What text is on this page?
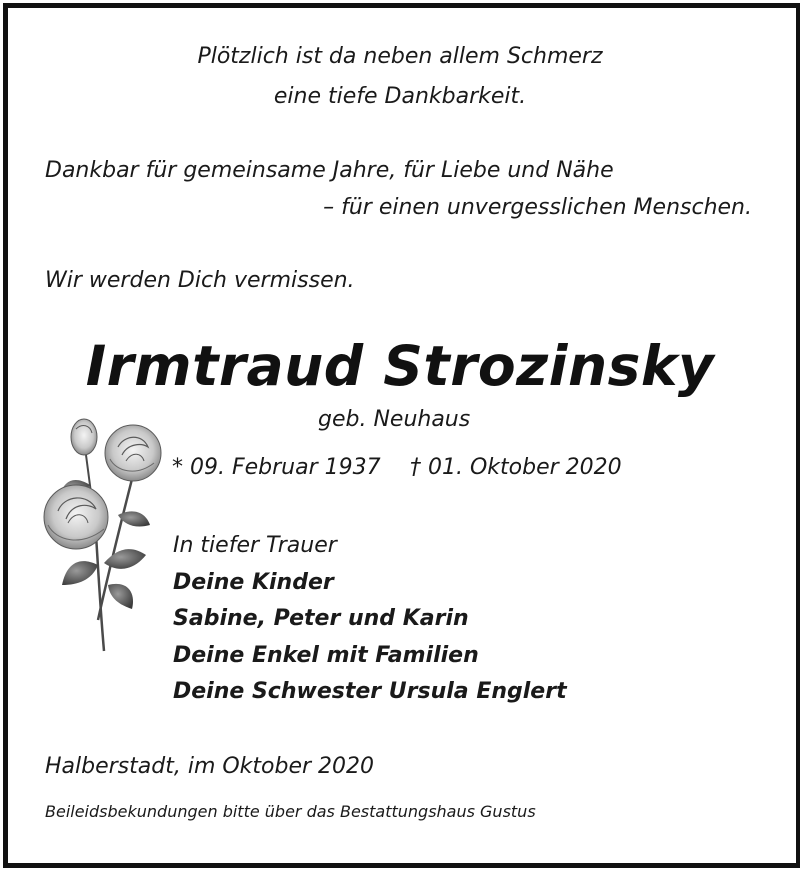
Plötzlich ist da neben allem Schmerz
eine tiefe Dankbarkeit.
Dankbar für gemeinsame Jahre, für Liebe und Nähe
– für einen unvergesslichen Menschen.
Wir werden Dich vermissen.
Irmtraud Strozinsky
geb. Neuhaus
* 09. Februar 1937 † 01. Oktober 2020
In tiefer Trauer
Deine Kinder
Sabine, Peter und Karin
Deine Enkel mit Familien
Deine Schwester Ursula Englert
Halberstadt, im Oktober 2020
Beileidsbekundungen bitte über das Bestattungshaus Gustus
